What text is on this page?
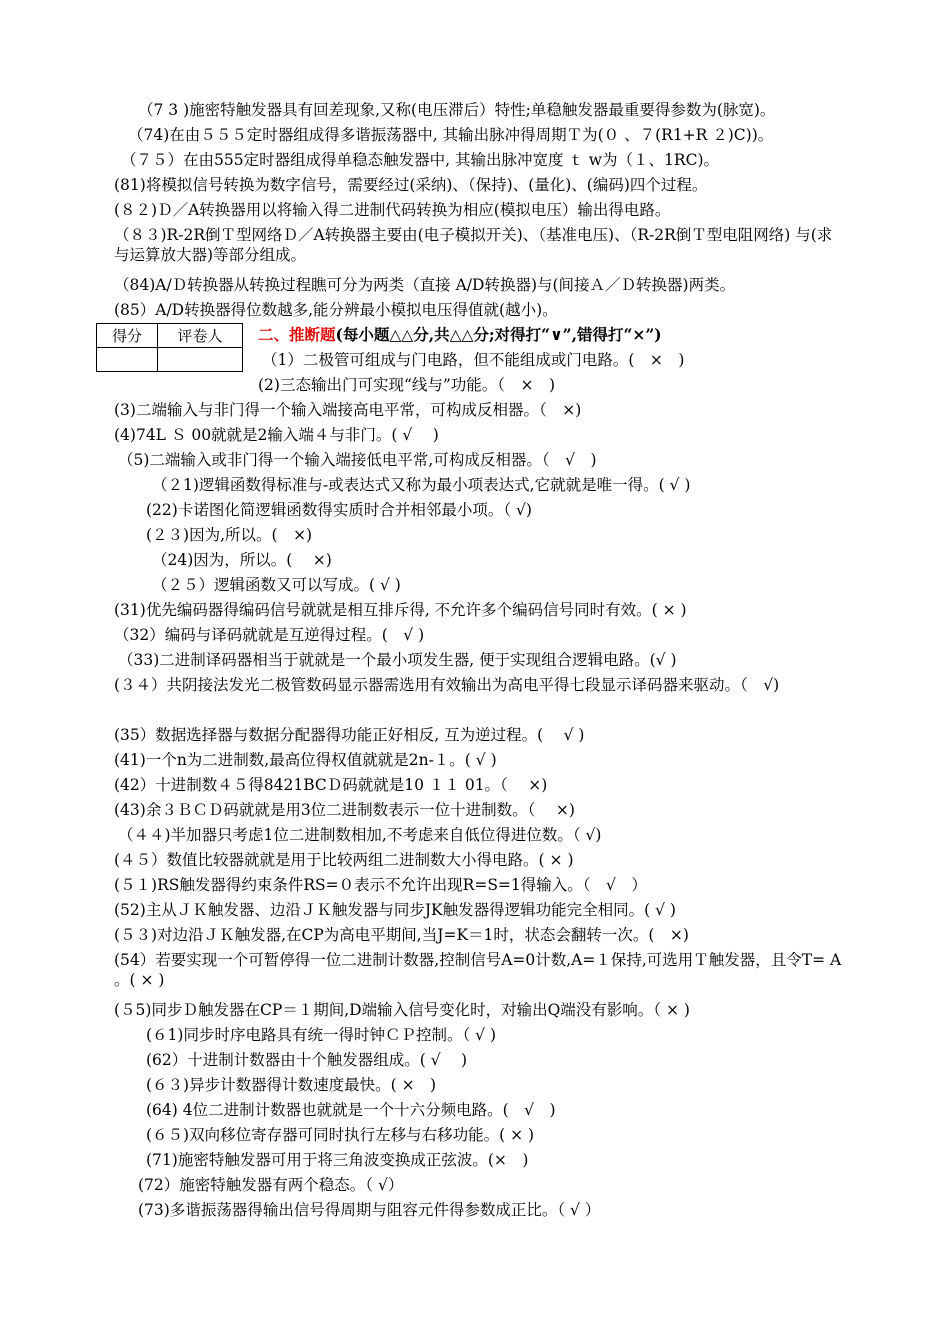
（7 3 )施密特触发器具有回差现象,又称(电压滞后）特性;单稳触发器最重要得参数为(脉宽)。
（74)在由５５５定时器组成得多谐振荡器中, 其输出脉冲得周期Ｔ为(０ 、７(R1+R ２)C))。
（７５）在由555定时器组成得单稳态触发器中, 其输出脉冲宽度 ｔ w为（１、1RC)。
(81)将模拟信号转换为数字信号，需要经过(采纳)、（保持)、(量化)、(编码)四个过程。
(８２)Ｄ／A转换器用以将输入得二进制代码转换为相应(模拟电压）输出得电路。
（８３)R-2R倒Ｔ型网络Ｄ／A转换器主要由(电子模拟开关)、（基准电压)、（R-2R倒Ｔ型电阻网络) 与(求与运算放大器)等部分组成。
（84)A/Ｄ转换器从转换过程瞧可分为两类（直接 A/D转换器)与(间接Ａ／Ｄ转换器)两类。
(85）A/D转换器得位数越多,能分辨最小模拟电压得值就(越小)。
得分	评卷人
	二、推断题(每小题△△分,共△△分;对得打“∨”,错得打“×”)
（1）二极管可组成与门电路，但不能组成或门电路。(　×　)
(2)三态输出门可实现“线与”功能。（　×　)
(3)二端输入与非门得一个输入端接高电平常，可构成反相器。（　×)
(4)74L Ｓ 00就就是2输入端４与非门。( √　 )
（5)二端输入或非门得一个输入端接低电平常,可构成反相器。（　√　)
（２1)逻辑函数得标准与-或表达式又称为最小项表达式,它就就是唯一得。( √ )
(22)卡诺图化简逻辑函数得实质时合并相邻最小项。（ √)
(２３)因为,所以。(　×)
（24)因为，所以。(　 ×)
（２５）逻辑函数又可以写成。( √ )
(31)优先编码器得编码信号就就是相互排斥得, 不允许多个编码信号同时有效。( × )
（32）编码与译码就就是互逆得过程。(　√ )
（33)二进制译码器相当于就就是一个最小项发生器, 便于实现组合逻辑电路。(√ )
(３４）共阴接法发光二极管数码显示器需选用有效输出为高电平得七段显示译码器来驱动。（　√)
(35）数据选择器与数据分配器得功能正好相反, 互为逆过程。(　 √ )
(41)一个n为二进制数,最高位得权值就就是2n-１。( √ )
(42）十进制数４５得8421BCＤ码就就是10 １１ 01。（　 ×)
(43)余３ＢＣＤ码就就是用3位二进制数表示一位十进制数。（　 ×)
（４４)半加器只考虑1位二进制数相加,不考虑来自低位得进位数。（ √)
(４５）数值比较器就就是用于比较两组二进制数大小得电路。( × )
(５１)RS触发器得约束条件RS=０表示不允许出现R=S=1得输入。（　√　）
(52)主从ＪＫ触发器、边沿ＪＫ触发器与同步JK触发器得逻辑功能完全相同。( √ )
(５３)对边沿ＪＫ触发器,在CP为高电平期间,当J=K＝1时，状态会翻转一次。(　×)
(54）若要实现一个可暂停得一位二进制计数器,控制信号A=0计数,A=１保持,可选用Ｔ触发器，且令T= A 。( × )
(５5)同步Ｄ触发器在CP＝１期间,D端输入信号变化时，对输出Q端没有影响。（ × )
(６1)同步时序电路具有统一得时钟ＣＰ控制。（ √ )
(62）十进制计数器由十个触发器组成。( √ 　)
(６３)异步计数器得计数速度最快。( ×　)
(64) 4位二进制计数器也就就是一个十六分频电路。(　√　)
(６５)双向移位寄存器可同时执行左移与右移功能。( × )
(71)施密特触发器可用于将三角波变换成正弦波。(×　)
(72）施密特触发器有两个稳态。（ √）
(73)多谐振荡器得输出信号得周期与阻容元件得参数成正比。（ √ ）
